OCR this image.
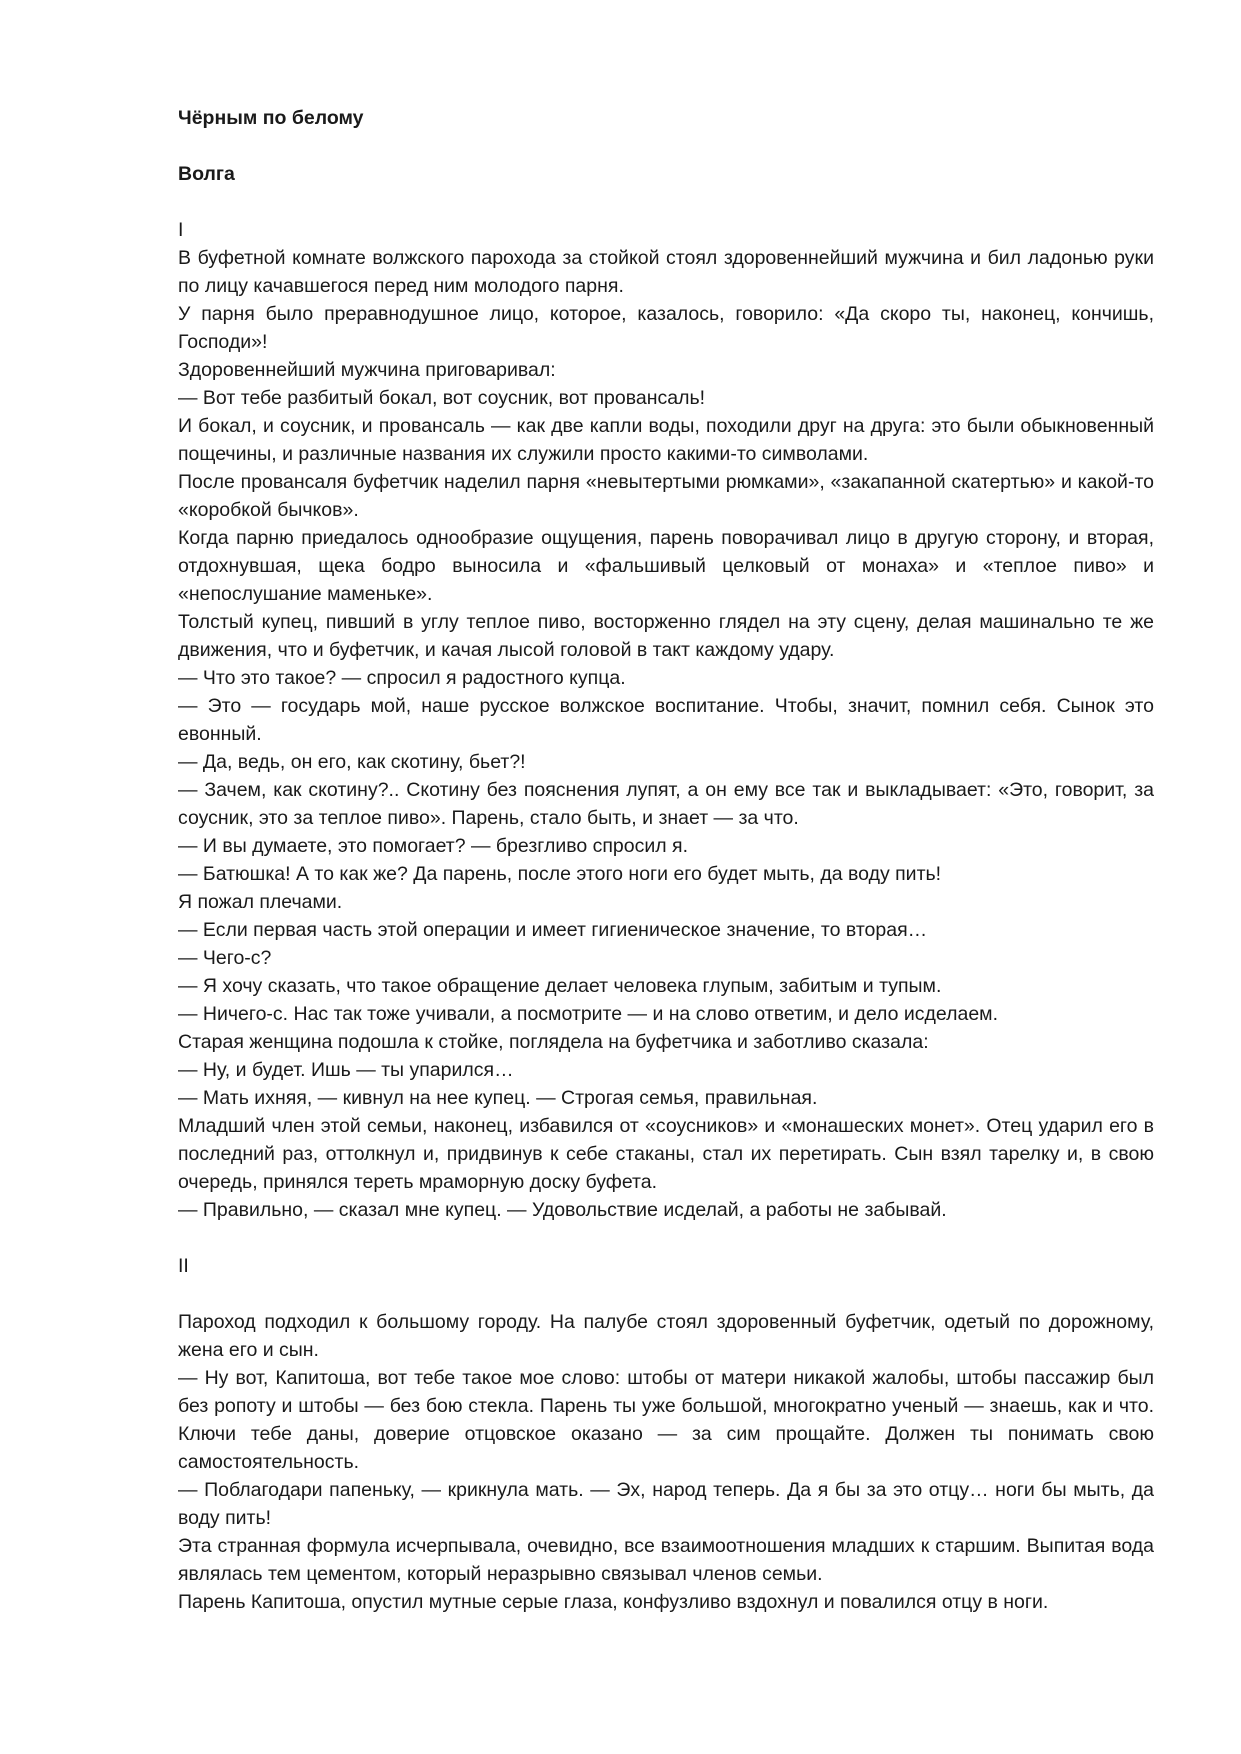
Чёрным по белому

Волга

I

В буфетной комнате волжского парохода за стойкой стоял здоровеннейший мужчина и бил ладонью руки по лицу качавшегося перед ним молодого парня.

У парня было преравнодушное лицо, которое, казалось, говорило: «Да скоро ты, наконец, кончишь, Господи»!

Здоровеннейший мужчина приговаривал:

— Вот тебе разбитый бокал, вот соусник, вот провансаль!

И бокал, и соусник, и провансаль — как две капли воды, походили друг на друга: это были обыкновенный пощечины, и различные названия их служили просто какими-то символами.

После провансаля буфетчик наделил парня «невытертыми рюмками», «закапанной скатертью» и какой-то «коробкой бычков».

Когда парню приедалось однообразие ощущения, парень поворачивал лицо в другую сторону, и вторая, отдохнувшая, щека бодро выносила и «фальшивый целковый от монаха» и «теплое пиво» и «непослушание маменьке».

Толстый купец, пивший в углу теплое пиво, восторженно глядел на эту сцену, делая машинально те же движения, что и буфетчик, и качая лысой головой в такт каждому удару.

— Что это такое? — спросил я радостного купца.

— Это — государь мой, наше русское волжское воспитание. Чтобы, значит, помнил себя. Сынок это евонный.

— Да, ведь, он его, как скотину, бьет?!

— Зачем, как скотину?.. Скотину без пояснения лупят, а он ему все так и выкладывает: «Это, говорит, за соусник, это за теплое пиво». Парень, стало быть, и знает — за что.

— И вы думаете, это помогает? — брезгливо спросил я.

— Батюшка! А то как же? Да парень, после этого ноги его будет мыть, да воду пить!

Я пожал плечами.

— Если первая часть этой операции и имеет гигиеническое значение, то вторая…

— Чего-с?

— Я хочу сказать, что такое обращение делает человека глупым, забитым и тупым.

— Ничего-с. Нас так тоже учивали, а посмотрите — и на слово ответим, и дело исделаем.

Старая женщина подошла к стойке, поглядела на буфетчика и заботливо сказала:

— Ну, и будет. Ишь — ты упарился…

— Мать ихняя, — кивнул на нее купец. — Строгая семья, правильная.

Младший член этой семьи, наконец, избавился от «соусников» и «монашеских монет». Отец ударил его в последний раз, оттолкнул и, придвинув к себе стаканы, стал их перетирать. Сын взял тарелку и, в свою очередь, принялся тереть мраморную доску буфета.

— Правильно, — сказал мне купец. — Удовольствие исделай, а работы не забывай.

II

Пароход подходил к большому городу. На палубе стоял здоровенный буфетчик, одетый по дорожному, жена его и сын.

— Ну вот, Капитоша, вот тебе такое мое слово: штобы от матери никакой жалобы, штобы пассажир был без ропоту и штобы — без бою стекла. Парень ты уже большой, многократно ученый — знаешь, как и что. Ключи тебе даны, доверие отцовское оказано — за сим прощайте. Должен ты понимать свою самостоятельность.

— Поблагодари папеньку, — крикнула мать. — Эх, народ теперь. Да я бы за это отцу… ноги бы мыть, да воду пить!

Эта странная формула исчерпывала, очевидно, все взаимоотношения младших к старшим. Выпитая вода являлась тем цементом, который неразрывно связывал членов семьи.

Парень Капитоша, опустил мутные серые глаза, конфузливо вздохнул и повалился отцу в ноги.
